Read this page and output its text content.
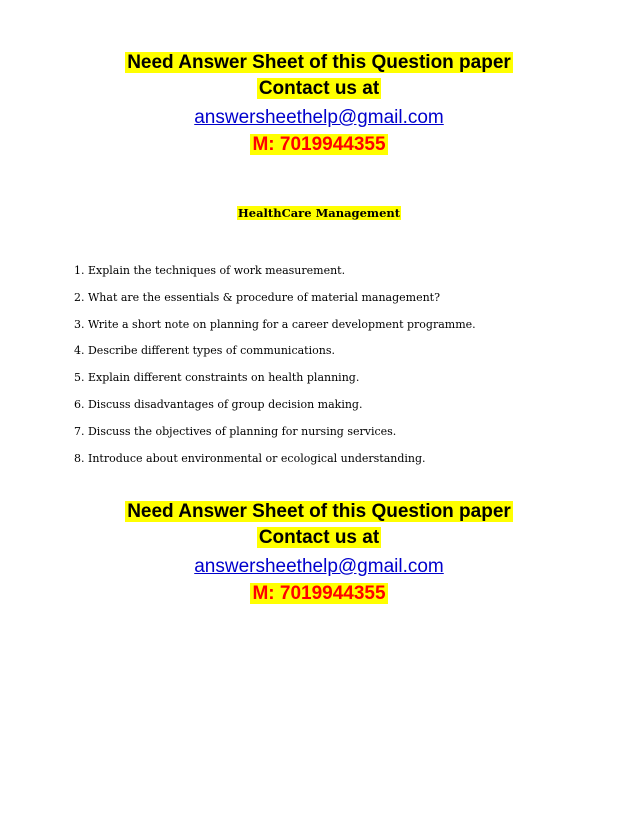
Need Answer Sheet of this Question paper
Contact us at
answersheethelp@gmail.com
M: 7019944355
HealthCare Management
1. Explain the techniques of work measurement.
2. What are the essentials & procedure of material management?
3. Write a short note on planning for a career development programme.
4. Describe different types of communications.
5. Explain different constraints on health planning.
6. Discuss disadvantages of group decision making.
7. Discuss the objectives of planning for nursing services.
8. Introduce about environmental or ecological understanding.
Need Answer Sheet of this Question paper
Contact us at
answersheethelp@gmail.com
M: 7019944355
